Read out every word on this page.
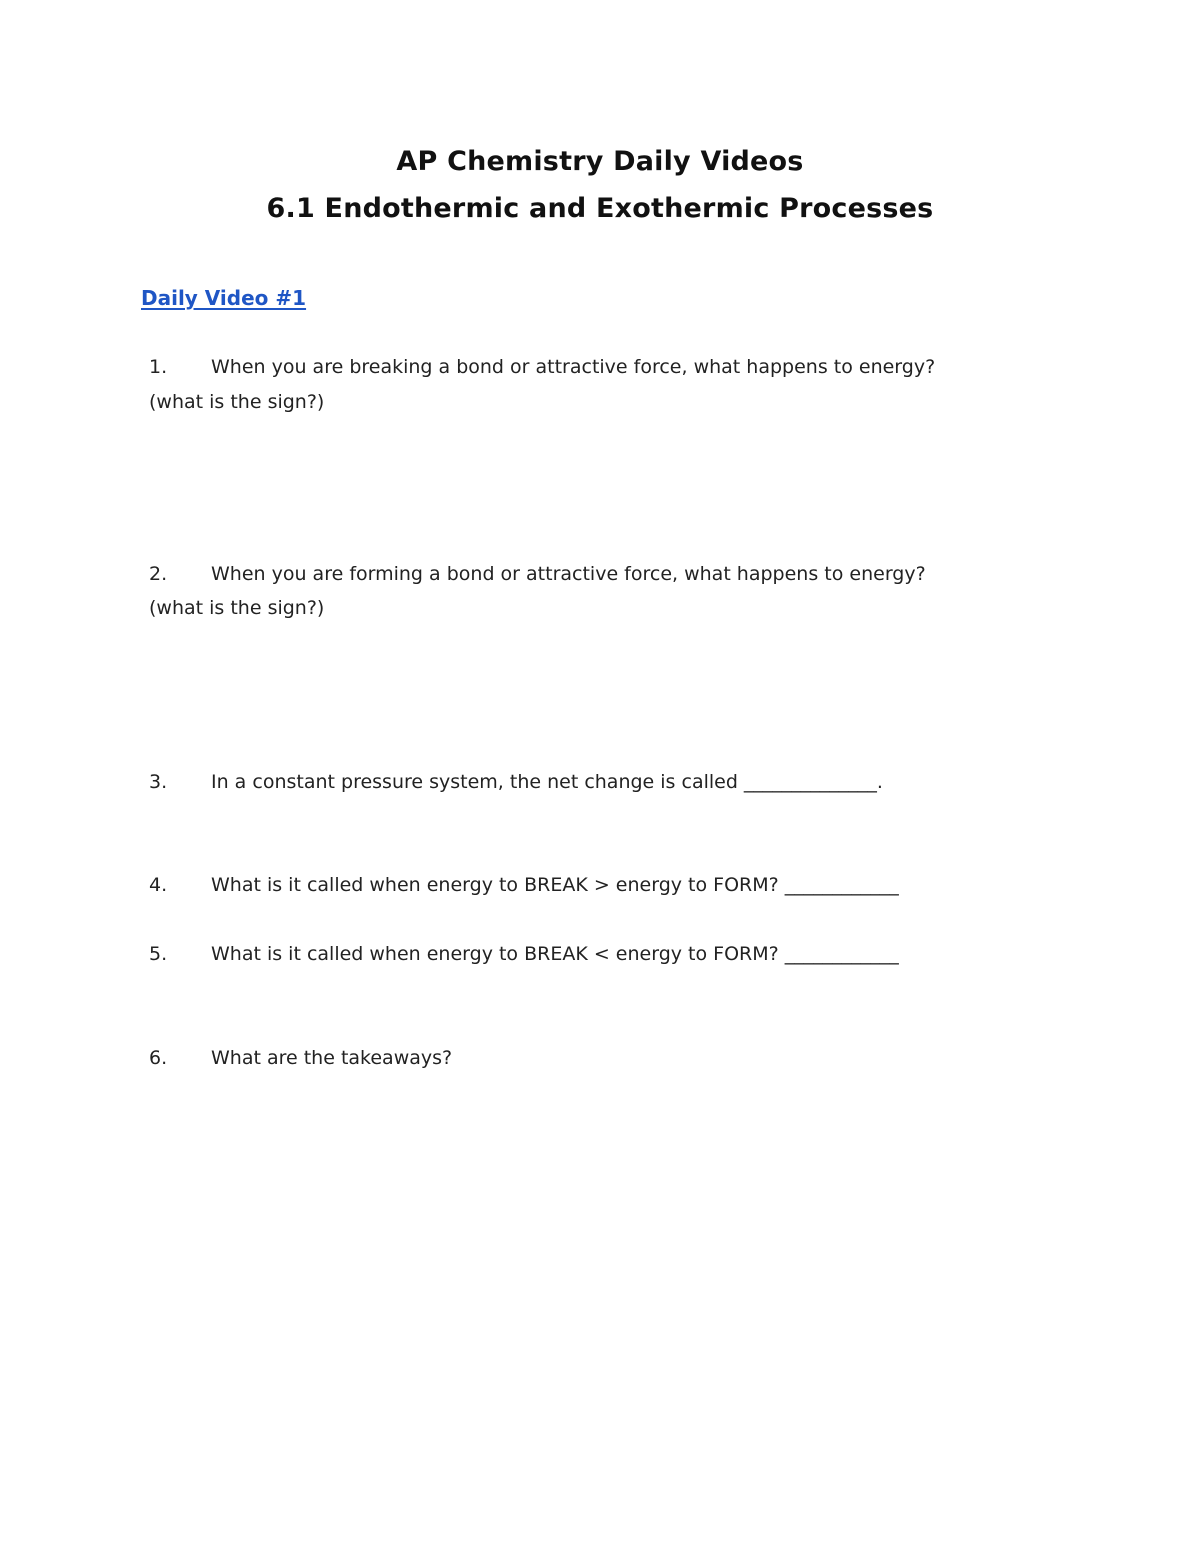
AP Chemistry Daily Videos
6.1 Endothermic and Exothermic Processes
Daily Video #1
1. When you are breaking a bond or attractive force, what happens to energy?
(what is the sign?)
2. When you are forming a bond or attractive force, what happens to energy?
(what is the sign?)
3. In a constant pressure system, the net change is called ______________.
4. What is it called when energy to BREAK > energy to FORM? ____________
5. What is it called when energy to BREAK < energy to FORM? ____________
6. What are the takeaways?
